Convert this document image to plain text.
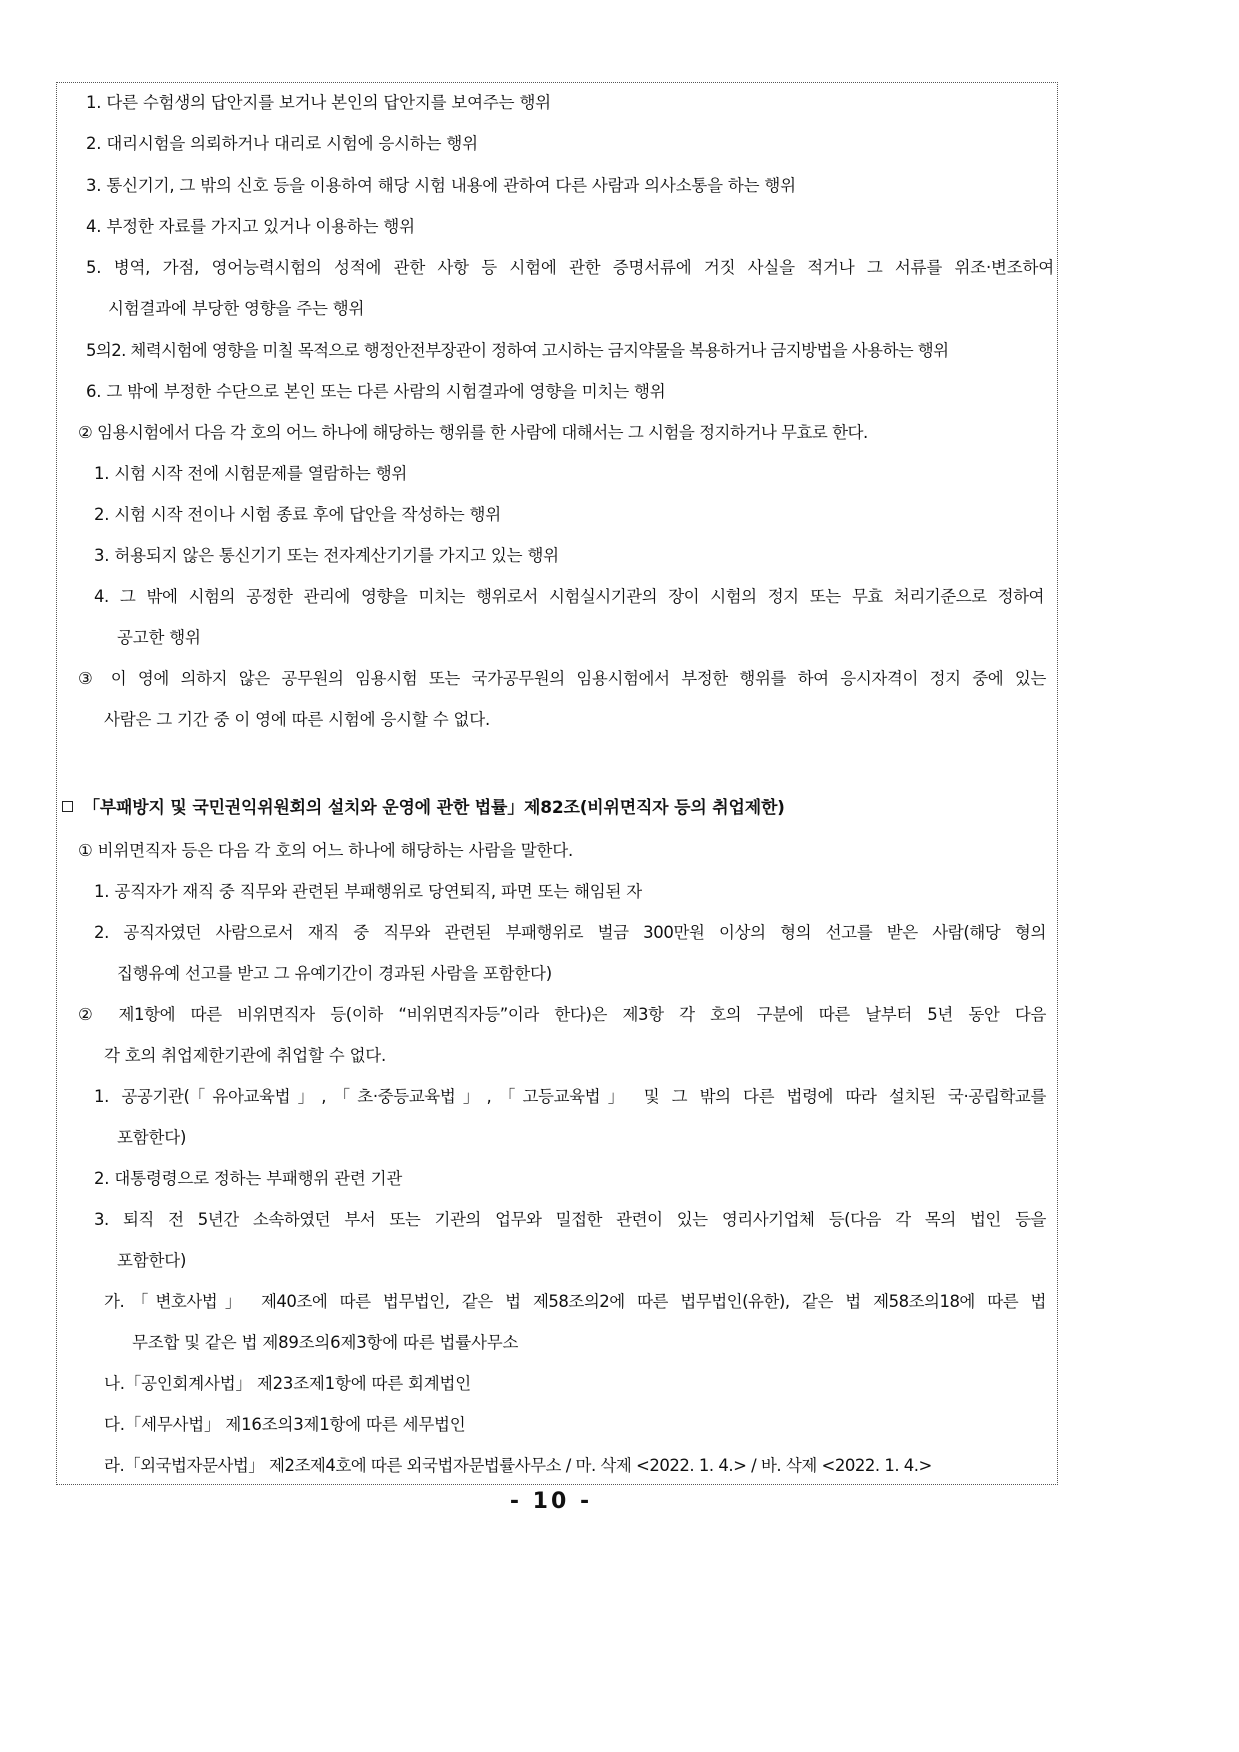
1. 다른 수험생의 답안지를 보거나 본인의 답안지를 보여주는 행위
2. 대리시험을 의뢰하거나 대리로 시험에 응시하는 행위
3. 통신기기, 그 밖의 신호 등을 이용하여 해당 시험 내용에 관하여 다른 사람과 의사소통을 하는 행위
4. 부정한 자료를 가지고 있거나 이용하는 행위
5. 병역, 가점, 영어능력시험의 성적에 관한 사항 등 시험에 관한 증명서류에 거짓 사실을 적거나 그 서류를 위조·변조하여
시험결과에 부당한 영향을 주는 행위
5의2. 체력시험에 영향을 미칠 목적으로 행정안전부장관이 정하여 고시하는 금지약물을 복용하거나 금지방법을 사용하는 행위
6. 그 밖에 부정한 수단으로 본인 또는 다른 사람의 시험결과에 영향을 미치는 행위
② 임용시험에서 다음 각 호의 어느 하나에 해당하는 행위를 한 사람에 대해서는 그 시험을 정지하거나 무효로 한다.
1. 시험 시작 전에 시험문제를 열람하는 행위
2. 시험 시작 전이나 시험 종료 후에 답안을 작성하는 행위
3. 허용되지 않은 통신기기 또는 전자계산기기를 가지고 있는 행위
4. 그 밖에 시험의 공정한 관리에 영향을 미치는 행위로서 시험실시기관의 장이 시험의 정지 또는 무효 처리기준으로 정하여
공고한 행위
③ 이 영에 의하지 않은 공무원의 임용시험 또는 국가공무원의 임용시험에서 부정한 행위를 하여 응시자격이 정지 중에 있는
사람은 그 기간 중 이 영에 따른 시험에 응시할 수 없다.
「부패방지 및 국민권익위원회의 설치와 운영에 관한 법률」제82조(비위면직자 등의 취업제한)
① 비위면직자 등은 다음 각 호의 어느 하나에 해당하는 사람을 말한다.
1. 공직자가 재직 중 직무와 관련된 부패행위로 당연퇴직, 파면 또는 해임된 자
2. 공직자였던 사람으로서 재직 중 직무와 관련된 부패행위로 벌금 300만원 이상의 형의 선고를 받은 사람(해당 형의
집행유예 선고를 받고 그 유예기간이 경과된 사람을 포함한다)
② 제1항에 따른 비위면직자 등(이하 “비위면직자등”이라 한다)은 제3항 각 호의 구분에 따른 날부터 5년 동안 다음
각 호의 취업제한기관에 취업할 수 없다.
1. 공공기관(「유아교육법」,「초·중등교육법」,「고등교육법」 및 그 밖의 다른 법령에 따라 설치된 국·공립학교를
포함한다)
2. 대통령령으로 정하는 부패행위 관련 기관
3. 퇴직 전 5년간 소속하였던 부서 또는 기관의 업무와 밀접한 관련이 있는 영리사기업체 등(다음 각 목의 법인 등을
포함한다)
가.「변호사법」 제40조에 따른 법무법인, 같은 법 제58조의2에 따른 법무법인(유한), 같은 법 제58조의18에 따른 법
무조합 및 같은 법 제89조의6제3항에 따른 법률사무소
나.「공인회계사법」 제23조제1항에 따른 회계법인
다.「세무사법」 제16조의3제1항에 따른 세무법인
라.「외국법자문사법」 제2조제4호에 따른 외국법자문법률사무소 / 마. 삭제 <2022. 1. 4.> / 바. 삭제 <2022. 1. 4.>
- 10 -
